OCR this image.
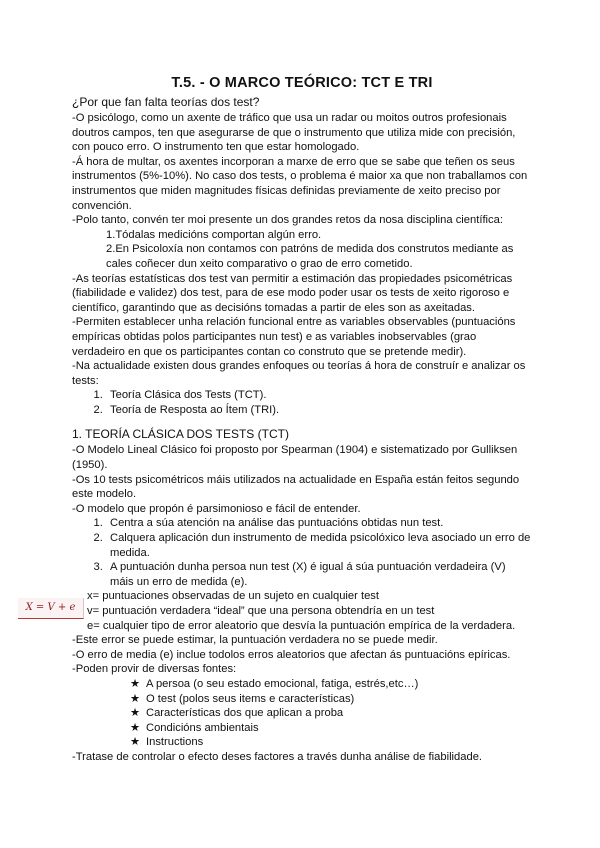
X = V + e
T.5. - O MARCO TEÓRICO: TCT E TRI
¿Por que fan falta teorías dos test?

-O psicólogo, como un axente de tráfico que usa un radar ou moitos outros profesionais doutros campos, ten que asegurarse de que o instrumento que utiliza mide con precisión, con pouco erro. O instrumento ten que estar homologado.

-Á hora de multar, os axentes incorporan a marxe de erro que se sabe que teñen os seus instrumentos (5%-10%). No caso dos tests, o problema é maior xa que non traballamos con instrumentos que miden magnitudes físicas definidas previamente de xeito preciso por convención.

-Polo tanto, convén ter moi presente un dos grandes retos da nosa disciplina científica:

1.Tódalas medicións comportan algún erro.

2.En Psicoloxía non contamos con patróns de medida dos construtos mediante as cales coñecer dun xeito comparativo o grao de erro cometido.

-As teorías estatísticas dos test van permitir a estimación das propiedades psicométricas (fiabilidade e validez) dos test, para de ese modo poder usar os tests de xeito rigoroso e científico, garantindo que as decisións tomadas a partir de eles son as axeitadas.

-Permiten establecer unha relación funcional entre as variables observables (puntuacións empíricas obtidas polos participantes nun test) e as variables inobservables (grao verdadeiro en que os participantes contan co construto que se pretende medir).

-Na actualidade existen dous grandes enfoques ou teorías á hora de construír e analizar os tests:

1. Teoría Clásica dos Tests (TCT).
2. Teoría de Resposta ao Ítem (TRI).
1. TEORÍA CLÁSICA DOS TESTS (TCT)

-O Modelo Lineal Clásico foi proposto por Spearman (1904) e sistematizado por Gulliksen (1950).

-Os 10 tests psicométricos máis utilizados na actualidade en España están feitos segundo este modelo.

-O modelo que propón é parsimonioso e fácil de entender.

1. Centra a súa atención na análise das puntuacións obtidas nun test.
2. Calquera aplicación dun instrumento de medida psicolóxico leva asociado un erro de medida.
3. A puntuación dunha persoa nun test (X) é igual á súa puntuación verdadeira (V) máis un erro de medida (e).

x= puntuaciones observadas de un sujeto en cualquier test

v= puntuación verdadera “ideal” que una persona obtendría en un test

e= cualquier tipo de error aleatorio que desvía la puntuación empírica de la verdadera.

-Este error se puede estimar, la puntuación verdadera no se puede medir.

-O erro de media (e) inclue todolos erros aleatorios que afectan ás puntuacións epíricas.

-Poden provir de diversas fontes:

★ A persoa (o seu estado emocional, fatiga, estrés,etc…)
★ O test (polos seus items e características)
★ Características dos que aplican a proba
★ Condicións ambientais
★ Instructions

-Tratase de controlar o efecto deses factores a través dunha análise de fiabilidade.
